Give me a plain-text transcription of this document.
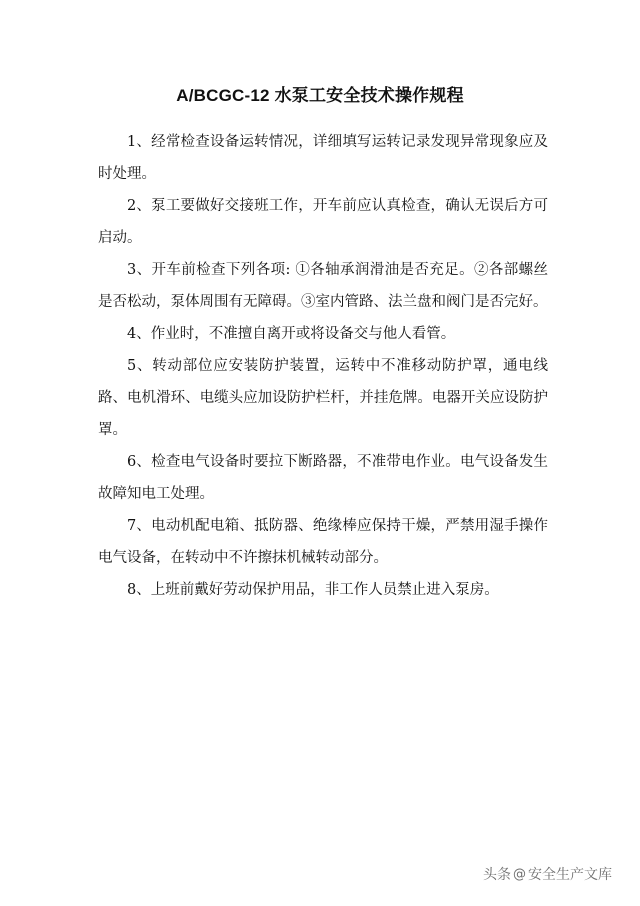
A/BCGC-12 水泵工安全技术操作规程

1、经常检查设备运转情况，详细填写运转记录发现异常现象应及时处理。

2、泵工要做好交接班工作，开车前应认真检查，确认无误后方可启动。

3、开车前检查下列各项: ①各轴承润滑油是否充足。②各部螺丝是否松动，泵体周围有无障碍。③室内管路、法兰盘和阀门是否完好。

4、作业时，不准擅自离开或将设备交与他人看管。

5、转动部位应安装防护装置，运转中不准移动防护罩，通电线路、电机滑环、电缆头应加设防护栏杆，并挂危牌。电器开关应设防护罩。

6、检查电气设备时要拉下断路器，不准带电作业。电气设备发生故障知电工处理。

7、电动机配电箱、抵防器、绝缘棒应保持干燥，严禁用湿手操作电气设备，在转动中不许擦抹机械转动部分。

8、上班前戴好劳动保护用品，非工作人员禁止进入泵房。

头条 @ 安全生产文库
